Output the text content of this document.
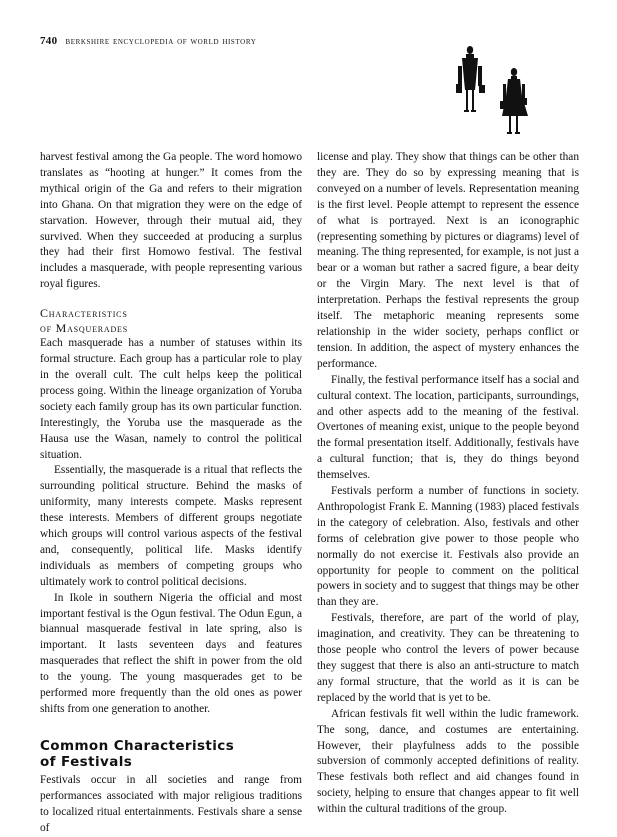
740 berkshire encyclopedia of world history

harvest festival among the Ga people. The word homowo translates as “hooting at hunger.” It comes from the mythical origin of the Ga and refers to their migration into Ghana. On that migration they were on the edge of starvation. However, through their mutual aid, they survived. When they succeeded at producing a surplus they had their first Homowo festival. The festival includes a masquerade, with people representing various royal figures.

Characteristics
of Masquerades

Each masquerade has a number of statuses within its formal structure. Each group has a particular role to play in the overall cult. The cult helps keep the political process going. Within the lineage organization of Yoruba society each family group has its own particular function. Interestingly, the Yoruba use the masquerade as the Hausa use the Wasan, namely to control the political situation.

Essentially, the masquerade is a ritual that reflects the surrounding political structure. Behind the masks of uniformity, many interests compete. Masks represent these interests. Members of different groups negotiate which groups will control various aspects of the festival and, consequently, political life. Masks identify individuals as members of competing groups who ultimately work to control political decisions.

In Ikole in southern Nigeria the official and most important festival is the Ogun festival. The Odun Egun, a biannual masquerade festival in late spring, also is important. It lasts seventeen days and features masquerades that reflect the shift in power from the old to the young. The young masquerades get to be performed more frequently than the old ones as power shifts from one generation to another.

Common Characteristics
of Festivals

Festivals occur in all societies and range from performances associated with major religious traditions to localized ritual entertainments. Festivals share a sense of

license and play. They show that things can be other than they are. They do so by expressing meaning that is conveyed on a number of levels. Representation meaning is the first level. People attempt to represent the essence of what is portrayed. Next is an iconographic (representing something by pictures or diagrams) level of meaning. The thing represented, for example, is not just a bear or a woman but rather a sacred figure, a bear deity or the Virgin Mary. The next level is that of interpretation. Perhaps the festival represents the group itself. The metaphoric meaning represents some relationship in the wider society, perhaps conflict or tension. In addition, the aspect of mystery enhances the performance.

Finally, the festival performance itself has a social and cultural context. The location, participants, surroundings, and other aspects add to the meaning of the festival. Overtones of meaning exist, unique to the people beyond the formal presentation itself. Additionally, festivals have a cultural function; that is, they do things beyond themselves.

Festivals perform a number of functions in society. Anthropologist Frank E. Manning (1983) placed festivals in the category of celebration. Also, festivals and other forms of celebration give power to those people who normally do not exercise it. Festivals also provide an opportunity for people to comment on the political powers in society and to suggest that things may be other than they are.

Festivals, therefore, are part of the world of play, imagination, and creativity. They can be threatening to those people who control the levers of power because they suggest that there is also an anti-structure to match any formal structure, that the world as it is can be replaced by the world that is yet to be.

African festivals fit well within the ludic framework. The song, dance, and costumes are entertaining. However, their playfulness adds to the possible subversion of commonly accepted definitions of reality. These festivals both reflect and aid changes found in society, helping to ensure that changes appear to fit well within the cultural traditions of the group.
